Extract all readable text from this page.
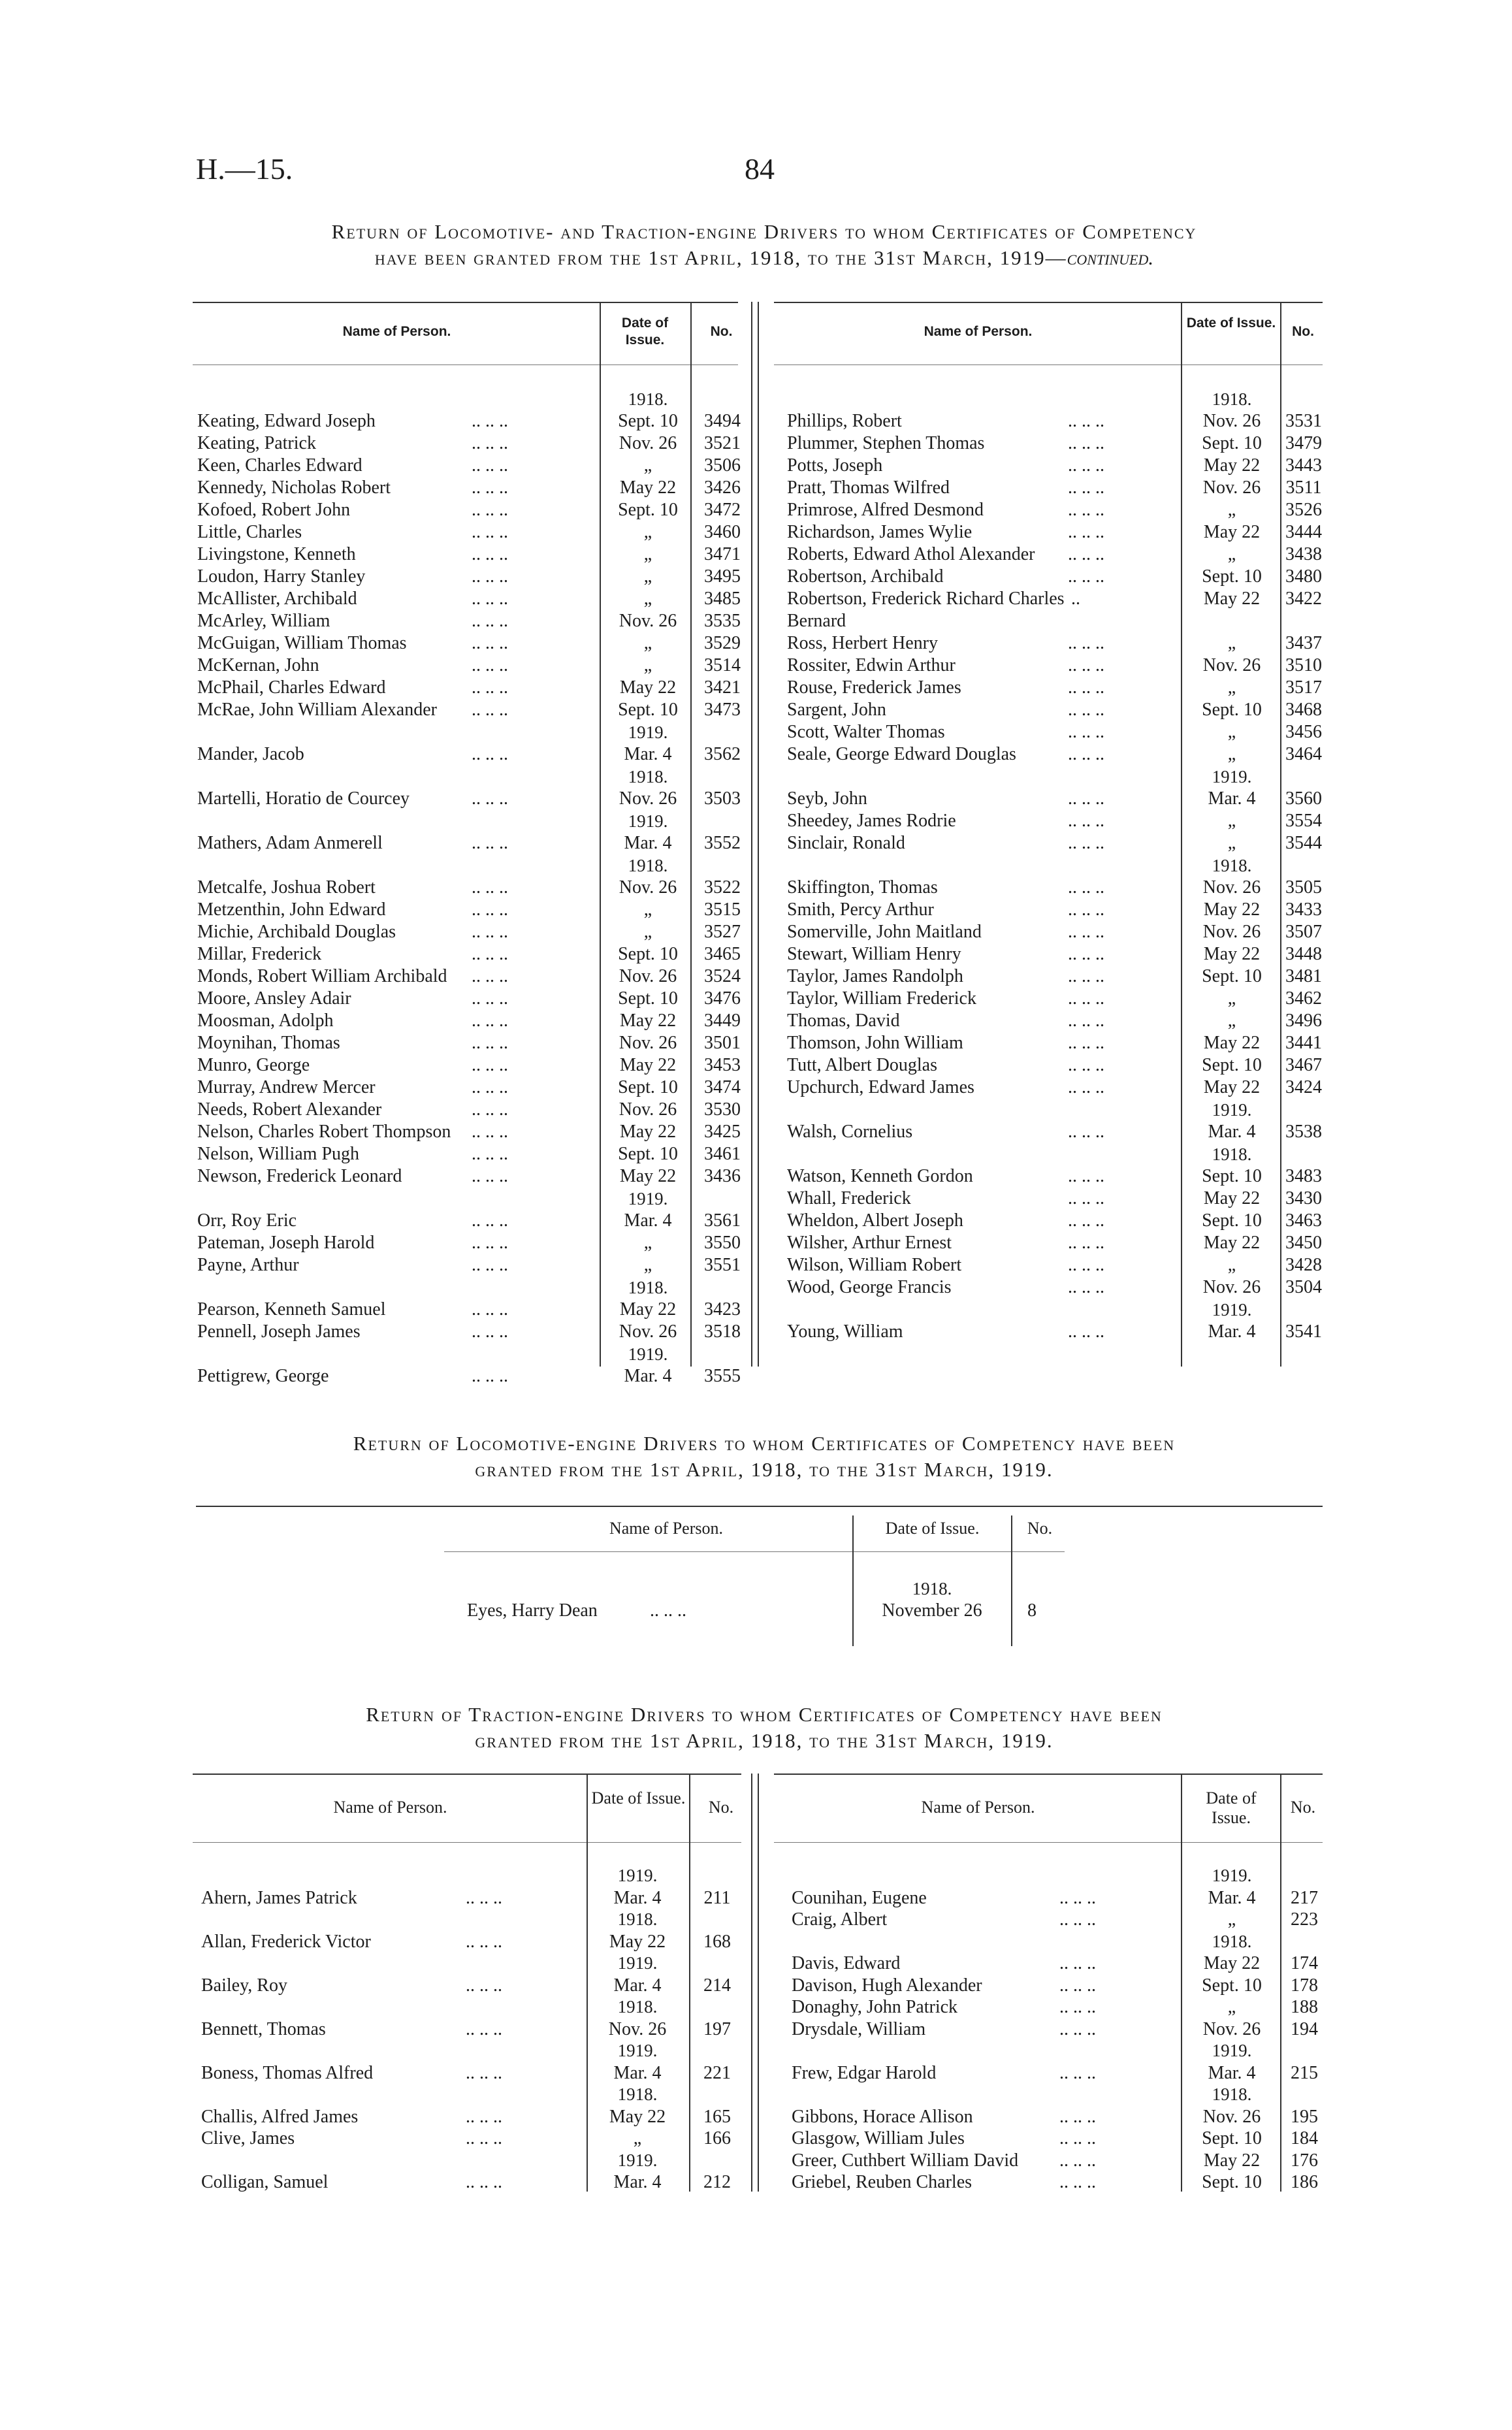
H.—15.	84
Return of Locomotive- and Traction-engine Drivers to whom Certificates of Competency
have been granted from the 1st April, 1918, to the 31st March, 1919—continued.
Name of Person.
Date of Issue.
No.	Name of Person.
Date of Issue.
No.
1918.
Keating, Edward Joseph	.. .. ..	Sept. 10	3494
Keating, Patrick	.. .. ..	Nov. 26	3521
Keen, Charles Edward	.. .. ..	„	3506
Kennedy, Nicholas Robert	.. .. ..	May 22	3426
Kofoed, Robert John	.. .. ..	Sept. 10	3472
Little, Charles	.. .. ..	„	3460
Livingstone, Kenneth	.. .. ..	„	3471
Loudon, Harry Stanley	.. .. ..	„	3495
McAllister, Archibald	.. .. ..	„	3485
McArley, William	.. .. ..	Nov. 26	3535
McGuigan, William Thomas	.. .. ..	„	3529
McKernan, John	.. .. ..	„	3514
McPhail, Charles Edward	.. .. ..	May 22	3421
McRae, John William Alexander .. .. ..	Sept. 10	3473
1919.
Mander, Jacob	.. .. ..	Mar. 4	3562
1918.
Martelli, Horatio de Courcey	.. .. ..	Nov. 26	3503
1919.
Mathers, Adam Anmerell	.. .. ..	Mar. 4	3552
1918.
Metcalfe, Joshua Robert	.. .. ..	Nov. 26	3522
Metzenthin, John Edward	.. .. ..	„	3515
Michie, Archibald Douglas	.. .. ..	„	3527
Millar, Frederick	.. .. ..	Sept. 10	3465
Monds, Robert William Archibald .. .. ..	Nov. 26	3524
Moore, Ansley Adair	.. .. ..	Sept. 10	3476
Moosman, Adolph	.. .. ..	May 22	3449
Moynihan, Thomas	.. .. ..	Nov. 26	3501
Munro, George	.. .. ..	May 22	3453
Murray, Andrew Mercer	.. .. ..	Sept. 10	3474
Needs, Robert Alexander	.. .. ..	Nov. 26	3530
Nelson, Charles Robert Thompson .. .. ..	May 22	3425
Nelson, William Pugh	.. .. ..	Sept. 10	3461
Newson, Frederick Leonard	.. .. ..	May 22	3436
1919.
Orr, Roy Eric	.. .. ..	Mar. 4	3561
Pateman, Joseph Harold	.. .. ..	„	3550
Payne, Arthur	.. .. ..	„	3551
1918.
Pearson, Kenneth Samuel	.. .. ..	May 22	3423
Pennell, Joseph James	.. .. ..	Nov. 26	3518
1919.
Pettigrew, George	.. .. ..	Mar. 4	3555
1918.
Phillips, Robert	.. .. ..	Nov. 26	3531
Plummer, Stephen Thomas	.. .. ..	Sept. 10	3479
Potts, Joseph	.. .. ..	May 22	3443
Pratt, Thomas Wilfred	.. .. ..	Nov. 26	3511
Primrose, Alfred Desmond	.. .. ..	„	3526
Richardson, James Wylie	.. .. ..	May 22	3444
Roberts, Edward Athol Alexander .. .. ..	„	3438
Robertson, Archibald	.. .. ..	Sept. 10	3480
Robertson, Frederick Richard Charles ..	May 22	3422
Bernard
Ross, Herbert Henry	.. .. ..	„	3437
Rossiter, Edwin Arthur	.. .. ..	Nov. 26	3510
Rouse, Frederick James	.. .. ..	„	3517
Sargent, John	.. .. ..	Sept. 10	3468
Scott, Walter Thomas	.. .. ..	„	3456
Seale, George Edward Douglas	.. .. ..	„	3464
1919.
Seyb, John	.. .. ..	Mar. 4	3560
Sheedey, James Rodrie	.. .. ..	„	3554
Sinclair, Ronald	.. .. ..	„	3544
1918.
Skiffington, Thomas	.. .. ..	Nov. 26	3505
Smith, Percy Arthur	.. .. ..	May 22	3433
Somerville, John Maitland	.. .. ..	Nov. 26	3507
Stewart, William Henry	.. .. ..	May 22	3448
Taylor, James Randolph	.. .. ..	Sept. 10	3481
Taylor, William Frederick	.. .. ..	„	3462
Thomas, David	.. .. ..	„	3496
Thomson, John William	.. .. ..	May 22	3441
Tutt, Albert Douglas	.. .. ..	Sept. 10	3467
Upchurch, Edward James	.. .. ..	May 22	3424
1919.
Walsh, Cornelius	.. .. ..	Mar. 4	3538
1918.
Watson, Kenneth Gordon	.. .. ..	Sept. 10	3483
Whall, Frederick	.. .. ..	May 22	3430
Wheldon, Albert Joseph	.. .. ..	Sept. 10	3463
Wilsher, Arthur Ernest	.. .. ..	May 22	3450
Wilson, William Robert	.. .. ..	„	3428
Wood, George Francis	.. .. ..	Nov. 26	3504
1919.
Young, William	.. .. ..	Mar. 4	3541
Return of Locomotive-engine Drivers to whom Certificates of Competency have been
granted from the 1st April, 1918, to the 31st March, 1919.
Name of Person.	Date of Issue.	No.
1918.
Eyes, Harry Dean	.. .. ..	November 26	8
Return of Traction-engine Drivers to whom Certificates of Competency have been
granted from the 1st April, 1918, to the 31st March, 1919.
Name of Person.	Date of Issue.	No.	Name of Person.	Date of Issue.
No.
1919.
Ahern, James Patrick	.. .. ..	Mar. 4	211
1918.
Allan, Frederick Victor	.. .. ..	May 22	168
1919.
Bailey, Roy	.. .. ..	Mar. 4	214
1918.
Bennett, Thomas	.. .. ..	Nov. 26	197
1919.
Boness, Thomas Alfred	.. .. ..	Mar. 4	221
1918.
Challis, Alfred James	.. .. ..	May 22	165
Clive, James	.. .. ..	„	166
1919.
Colligan, Samuel	.. .. ..	Mar. 4	212
1919.
Counihan, Eugene	.. .. ..	Mar. 4	217
Craig, Albert	.. .. ..	„	223
1918.
Davis, Edward	.. .. ..	May 22	174
Davison, Hugh Alexander	.. .. ..	Sept. 10	178
Donaghy, John Patrick	.. .. ..	„	188
Drysdale, William	.. .. ..	Nov. 26	194
1919.
Frew, Edgar Harold	.. .. ..	Mar. 4	215
1918.
Gibbons, Horace Allison	.. .. ..	Nov. 26	195
Glasgow, William Jules	.. .. ..	Sept. 10	184
Greer, Cuthbert William David .. .. ..	May 22	176
Griebel, Reuben Charles	.. .. ..	Sept. 10	186
